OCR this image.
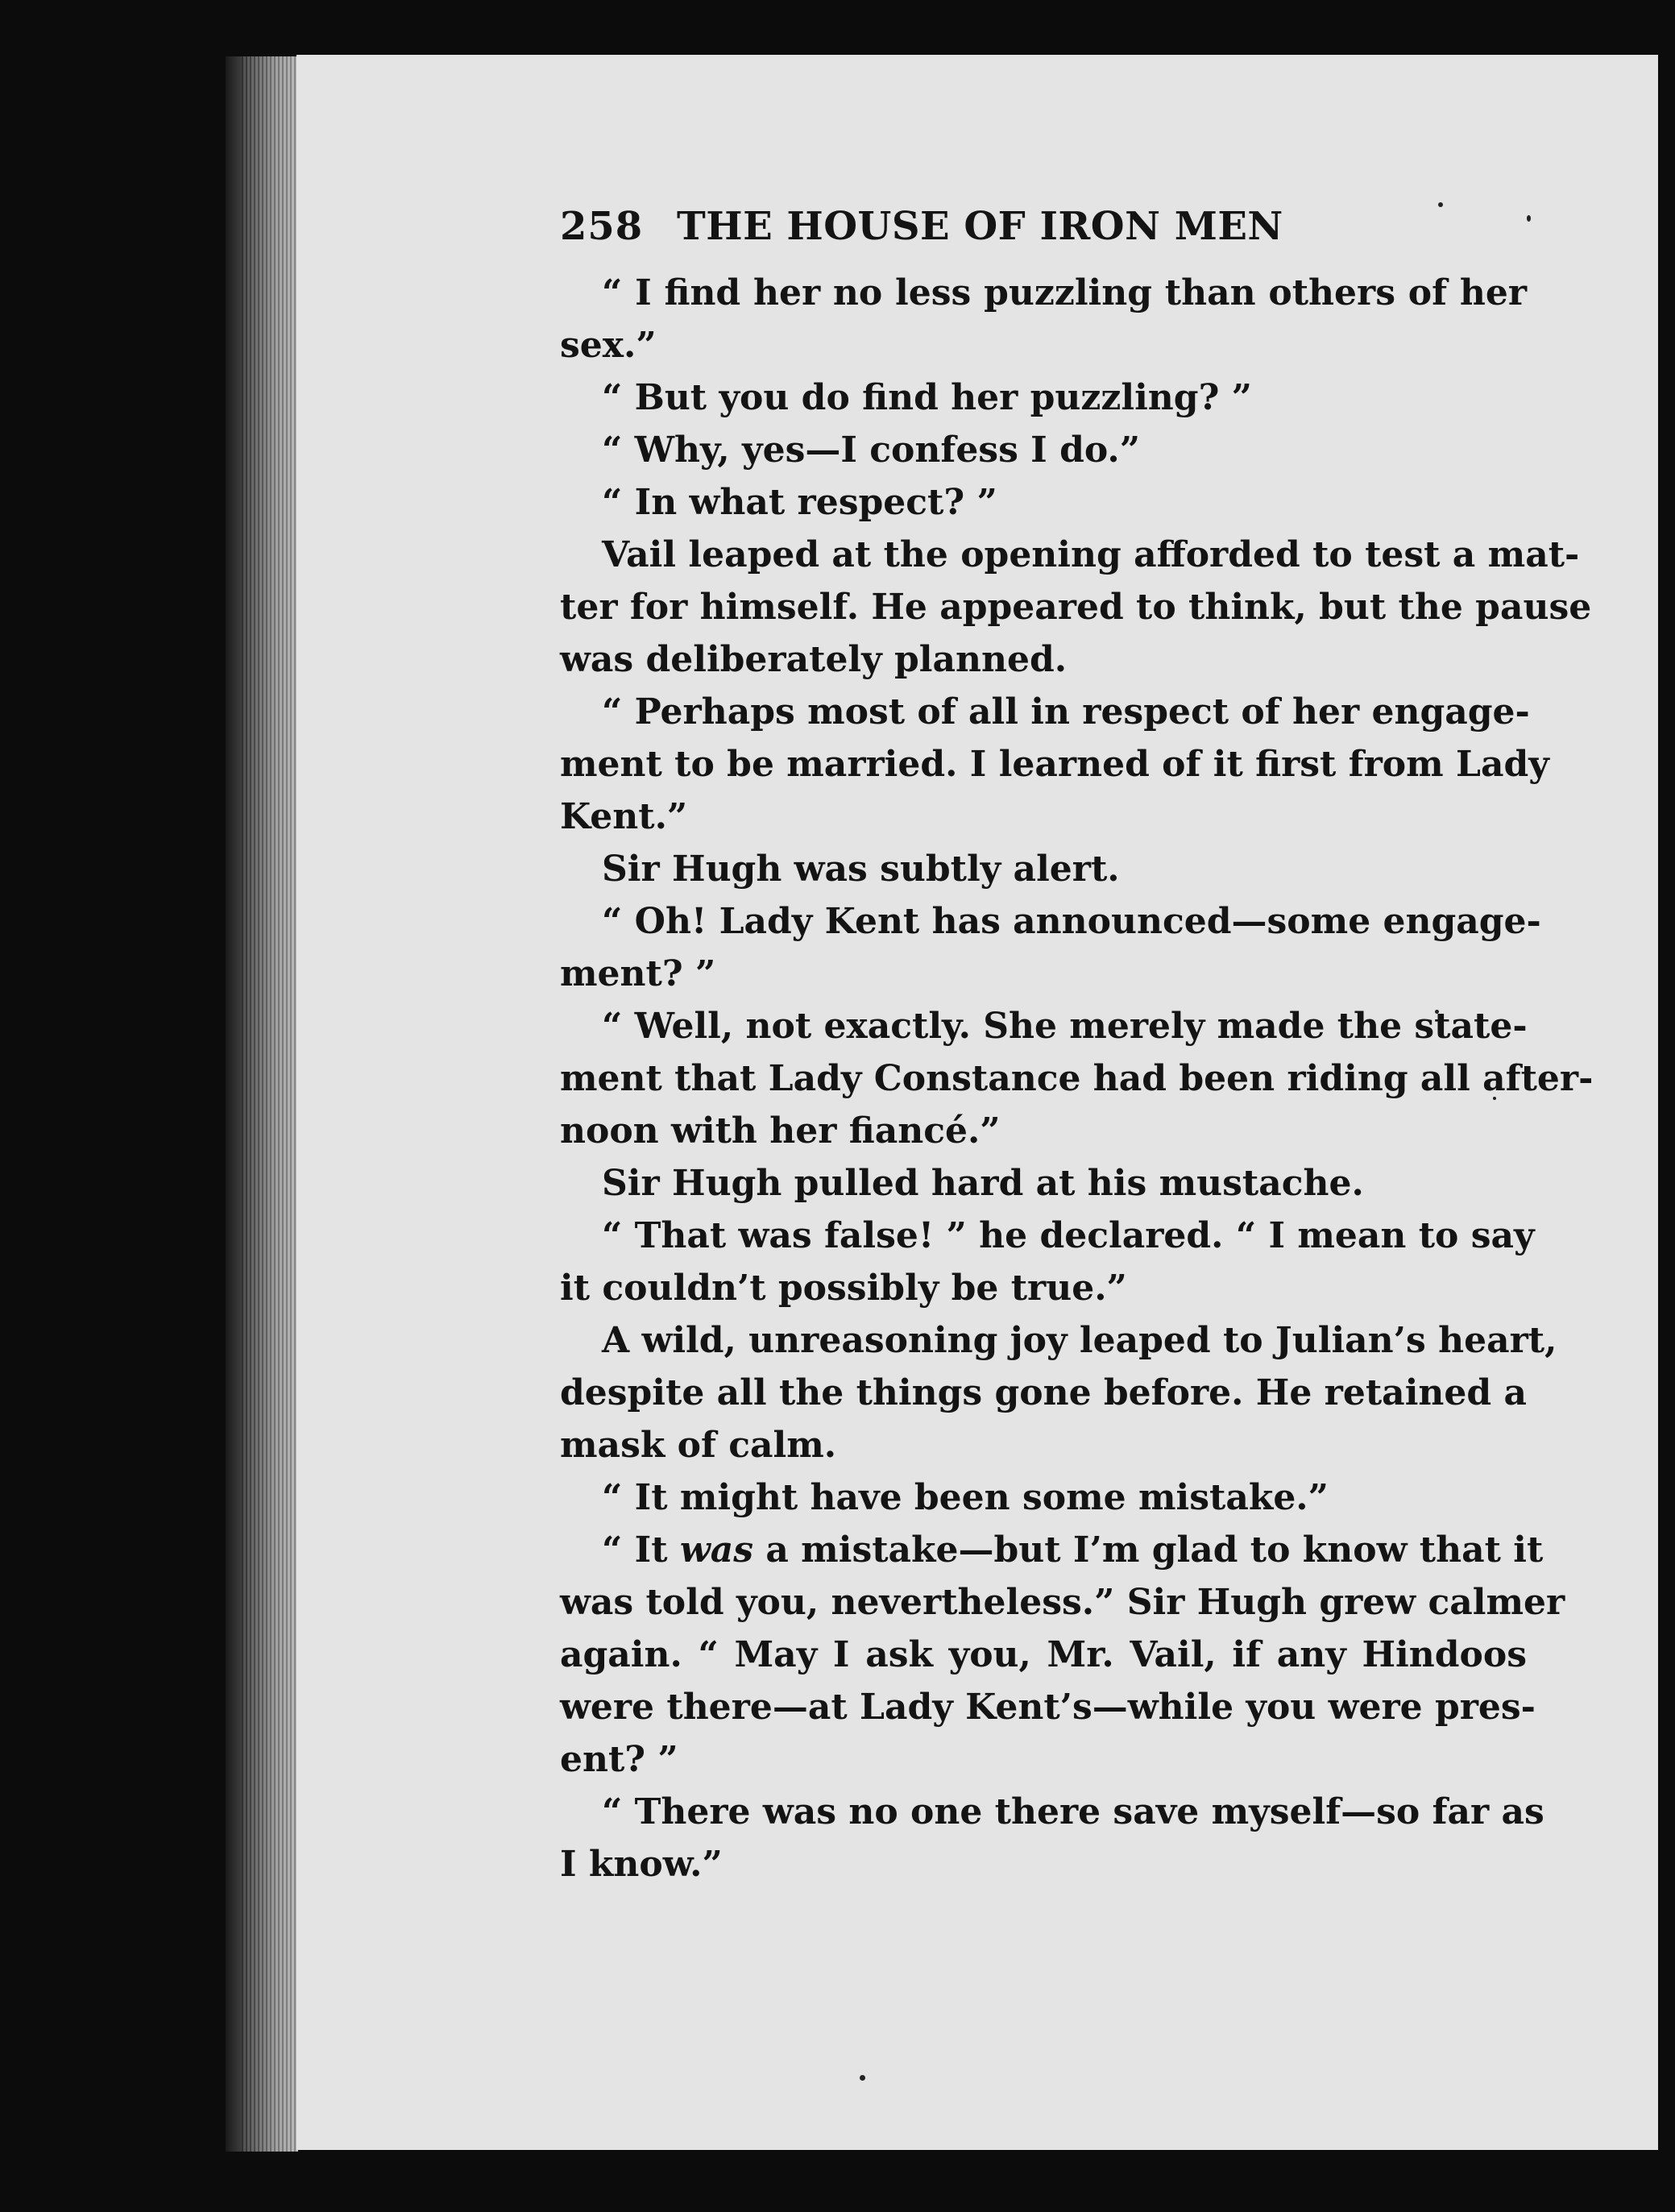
258 THE HOUSE OF IRON MEN
“ I find her no less puzzling than others of her
sex.”
“ But you do find her puzzling? ”
“ Why, yes—I confess I do.”
“ In what respect? ”
Vail leaped at the opening afforded to test a mat-
ter for himself. He appeared to think, but the pause
was deliberately planned.
“ Perhaps most of all in respect of her engage-
ment to be married. I learned of it first from Lady
Kent.”
Sir Hugh was subtly alert.
“ Oh! Lady Kent has announced—some engage-
ment? ”
“ Well, not exactly. She merely made the state-
ment that Lady Constance had been riding all after-
noon with her fiancé.”
Sir Hugh pulled hard at his mustache.
“ That was false! ” he declared. “ I mean to say
it couldn’t possibly be true.”
A wild, unreasoning joy leaped to Julian’s heart,
despite all the things gone before. He retained a
mask of calm.
“ It might have been some mistake.”
“ It was a mistake—but I’m glad to know that it
was told you, nevertheless.” Sir Hugh grew calmer
again. “ May I ask you, Mr. Vail, if any Hindoos
were there—at Lady Kent’s—while you were pres-
ent? ”
“ There was no one there save myself—so far as
I know.”
